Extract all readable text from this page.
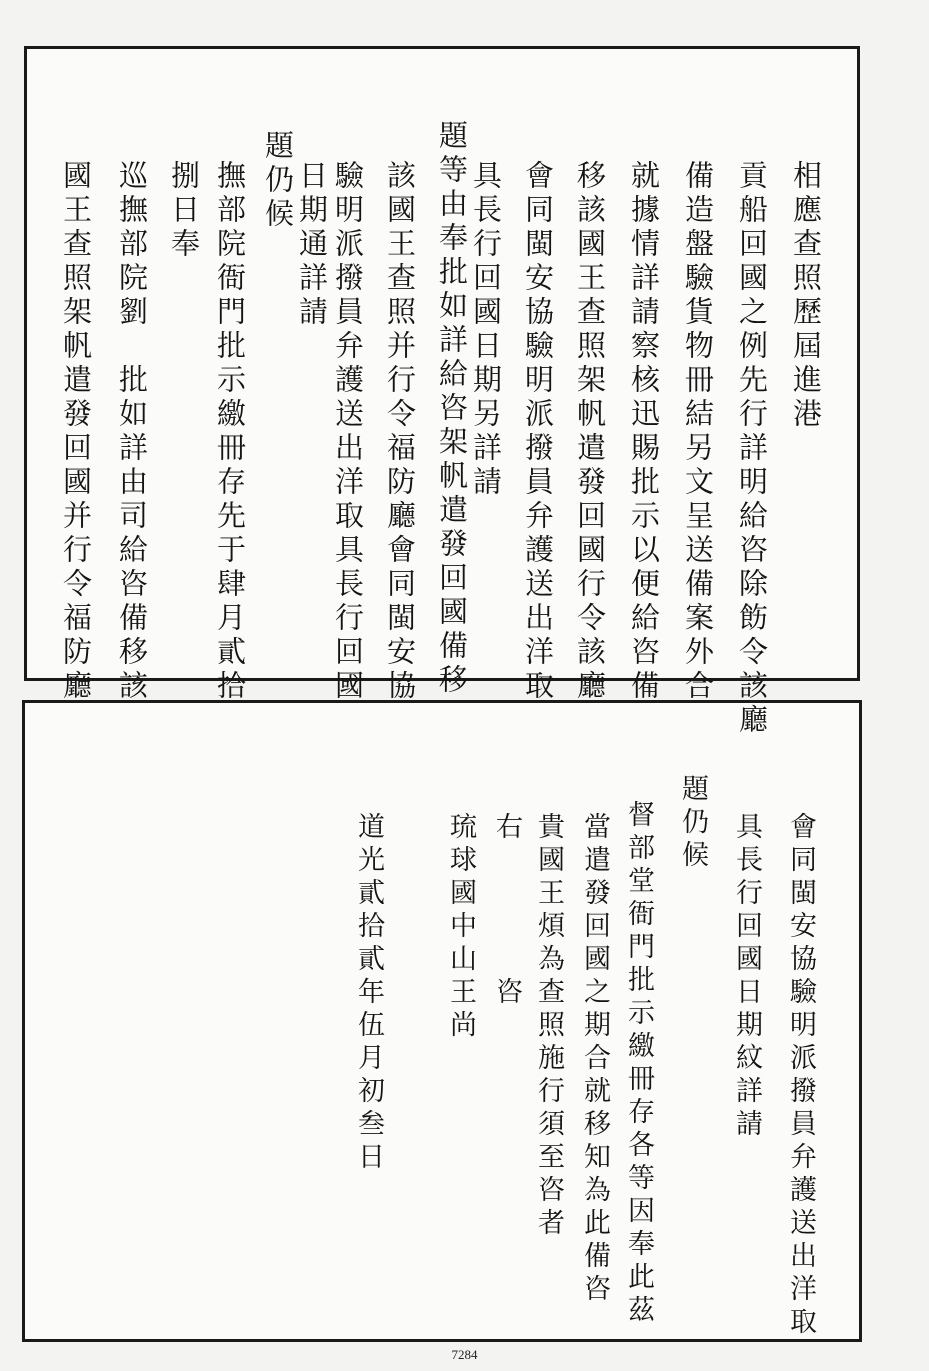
相應查照歷屆進港
貢船回國之例先行詳明給咨除飭令該廳
備造盤驗貨物冊結另文呈送備案外合
就據情詳請察核迅賜批示以便給咨備
移該國王查照架帆遣發回國行令該廳
會同閩安協驗明派撥員弁護送出洋取
具長行回國日期另詳請
題等由奉批如詳給咨架帆遣發回國備移
該國王查照并行令福防廳會同閩安協
驗明派撥員弁護送出洋取具長行回國
日期通詳請
題仍候
撫部院衙門批示繳冊存先于肆月貳拾
捌日奉
巡撫部院劉　批如詳由司給咨備移該
國王查照架帆遣發回國并行令福防廳
會同閩安協驗明派撥員弁護送出洋取
具長行回國日期紋詳請
題仍候
督部堂衙門批示繳冊存各等因奉此茲
當遣發回國之期合就移知為此備咨
貴國王煩為查照施行須至咨者
右　　　　咨
琉球國中山王尚
道光貳拾貳年伍月初叁日
7284
